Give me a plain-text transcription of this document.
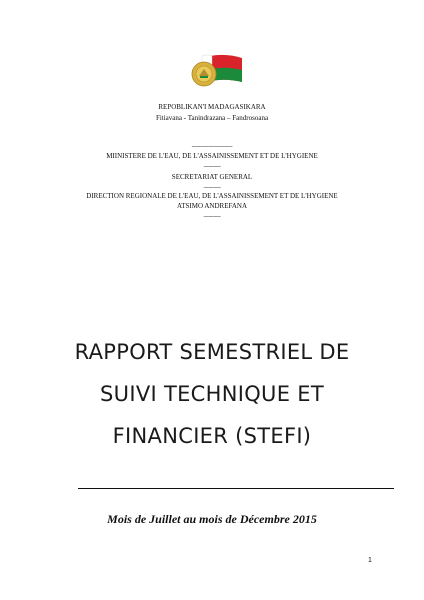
REPOBLIKAN'I MADAGASIKARA
Fitiavana - Tanindrazana – Fandrosoana
------------------------
MIINISTERE DE L'EAU, DE L'ASSAINISSEMENT ET DE L'HYGIENE
----------
SECRETARIAT GENERAL
----------
DIRECTION REGIONALE DE L'EAU, DE L'ASSAINISSEMENT ET DE L'HYGIENE
ATSIMO ANDREFANA
----------
RAPPORT SEMESTRIEL DE
SUIVI TECHNIQUE ET
FINANCIER (STEFI)
Mois de Juillet au mois de Décembre 2015
1
